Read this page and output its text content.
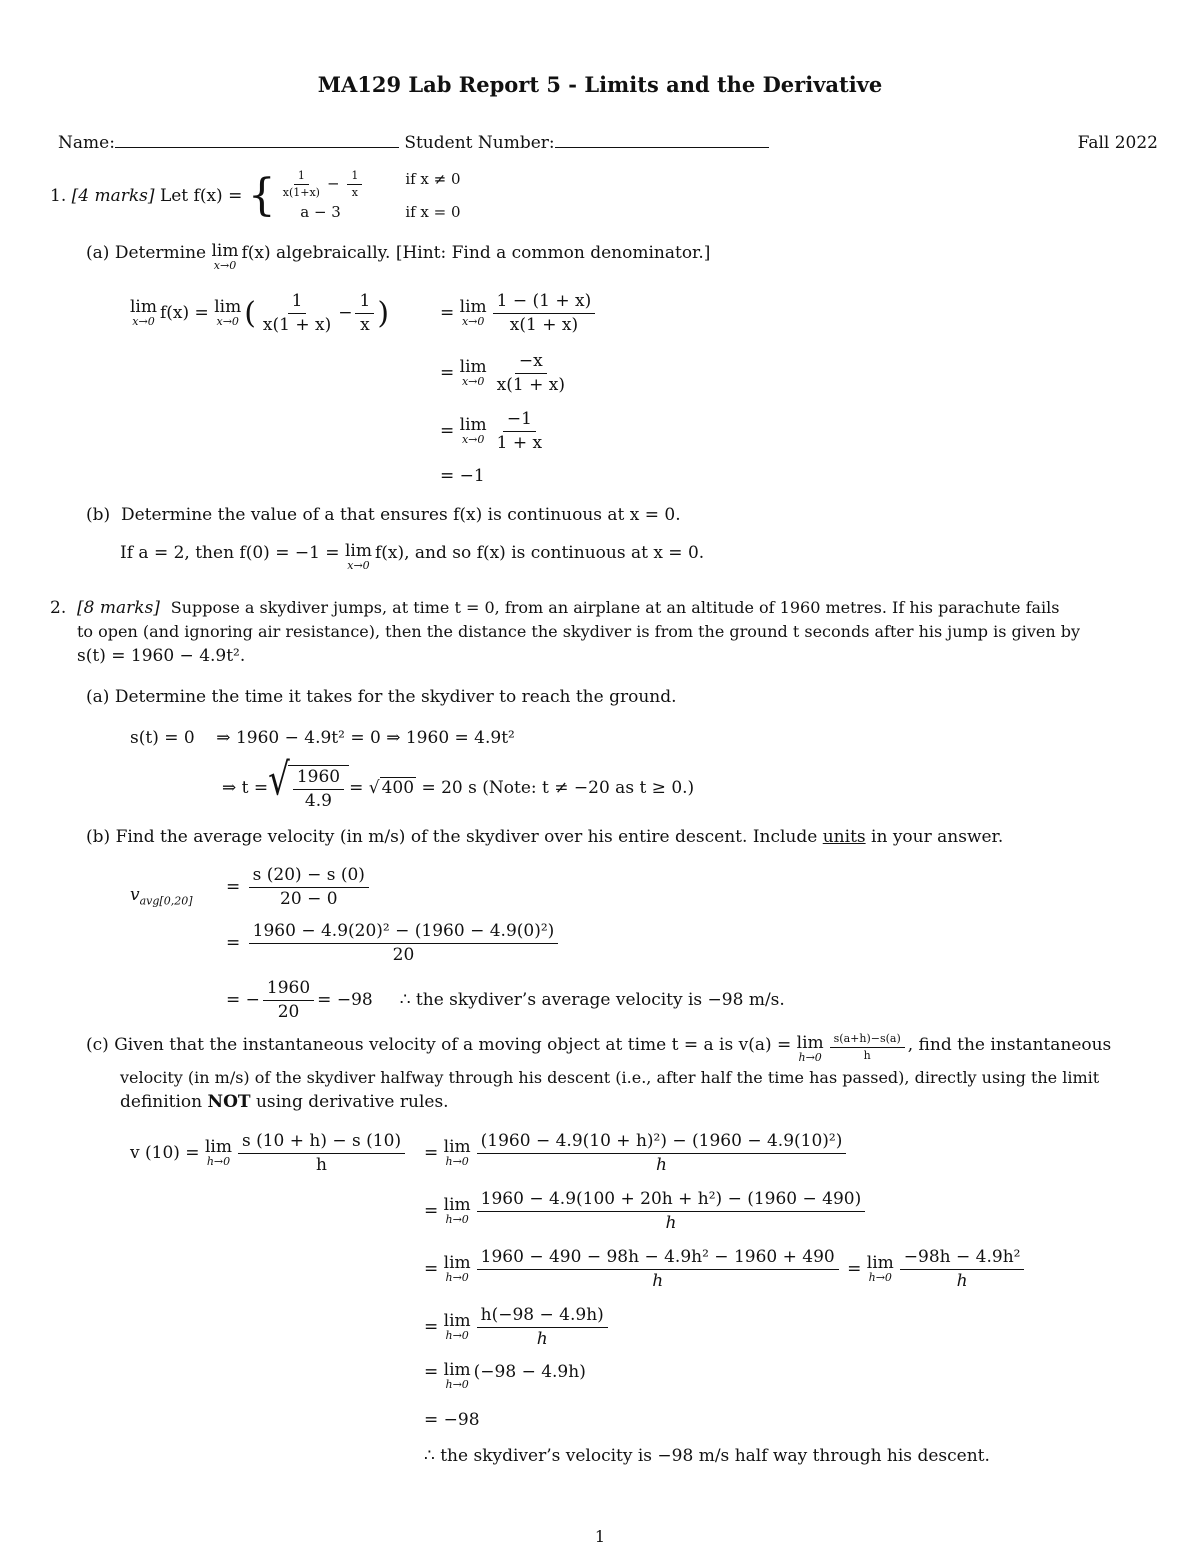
MA129 Lab Report 5 - Limits and the Derivative
Name:	Student Number:	Fall 2022
1.
[4 marks]
Let f(x) =
{ $\frac{1}{x(1+x)} - \frac{1}{x}$	if x ≠ 0
a − 3	if x = 0
(a)
Determine
lim
x→0
f(x) algebraically. [Hint: Find a common denominator.]
lim
x→0 f(x) = lim
x→0 ( $\frac{1}{x(1 + x)} - \frac{1}{x}$ )	= lim
$x\to 0 \frac{1 - (1 + x)}{x(1 + x)}$
= lim
$x\to 0 \frac{-x}{x(1 + x)}$
= lim
$x\to 0 \frac{-1}{1 + x}$
= −1
(b) Determine the value of a that ensures f(x) is continuous at x = 0.
If a = 2, then f(0) = −1 =
lim
x→0
f(x), and so f(x) is continuous at x = 0.
2. [8 marks] Suppose a skydiver jumps, at time t = 0, from an airplane at an altitude of 1960 metres. If his parachute fails
to open (and ignoring air resistance), then the distance the skydiver is from the ground t seconds after his jump is given by
s(t) = 1960 − 4.9t².
(a) Determine the time it takes for the skydiver to reach the ground.
s(t) = 0    ⇒ 1960 − 4.9t² = 0 ⇒ 1960 = 4.9t²
⇒ t = √ $\frac{1960}{4.9}$ =
√ 400
= 20 s (Note: t ≠ −20 as t ≥ 0.)
(b) Find the average velocity (in m/s) of the skydiver over his entire descent. Include units in your answer.
$v_{avg[0,20]}$
= $\frac{s (20) - s (0)}{20 - 0}$
= $\frac{\text{1960 − 4.9(20)² − (1960 − 4.9(0)²)}}{20}$
= − $\frac{1960}{20} = -98$     ∴ the skydiver’s average velocity is −98 m/s.
(c)
Given that the instantaneous velocity of a moving object at time t = a is v(a) =
lim
$h\to 0 \frac{s(a+h)-s(a)}{h}$ , find the instantaneous
velocity (in m/s) of the skydiver halfway through his descent (i.e., after half the time has passed), directly using the limit
definition NOT using derivative rules.
v (10) =
lim
$h\to 0 \frac{s (10 + h) - s (10)}{h} = \lim$
$h\to 0 \frac{\text{(1960 − 4.9(10 + h)²) − (1960 − 4.9(10)²)}}{h}$
= lim
$h\to 0 \frac{\text{1960 − 4.9(100 + 20h + h²) − (1960 − 490)}}{h}$
= lim
$h\to 0 \frac{\text{1960 − 490 − 98h − 4.9h² − 1960 + 490}}{h} = \lim$
$h\to 0 \frac{\text{−98h − 4.9h²}}{h}$
= lim
$h\to 0 \frac{h(-98 - 4.9h)}{h}$
= lim
h→0
(−98 − 4.9h)
= −98
∴ the skydiver’s velocity is −98 m/s half way through his descent.
1
